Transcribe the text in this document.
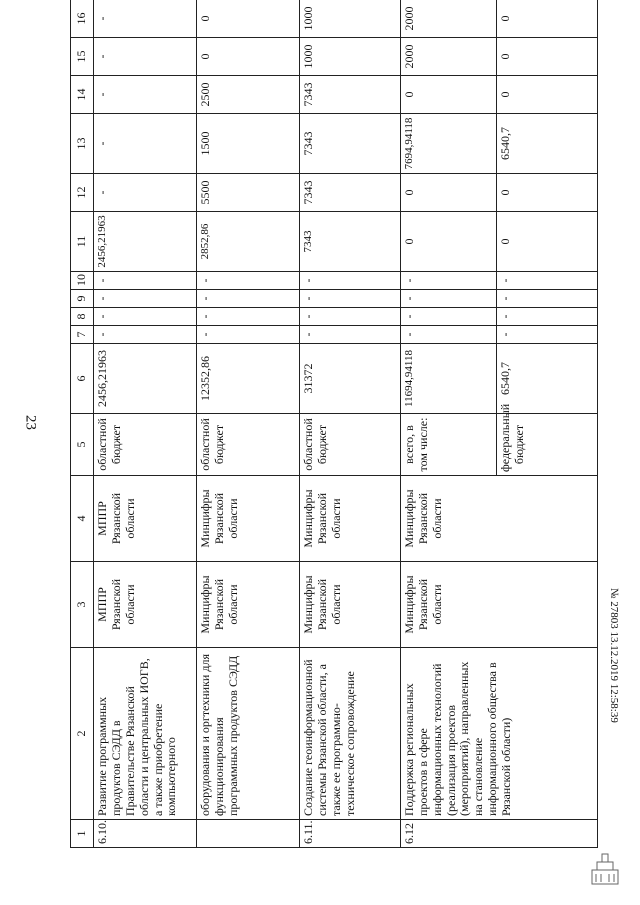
23
1	2	3	4	5	6	7	8	9	10	11	12	13	14	15	16	
6.10.	Развитие программных продуктов СЭДД в Правительстве Рязанской области и центральных ИОГВ, а также приобретение компьютерного	МППР Рязанской области	МППР Рязанской области	областной бюджет	2456,21963	-	-	-	-	2456,21963	-	-	-	-	-	
	оборудования и оргтехники для функционирования программных продуктов СЭДД	Минцифры Рязанской области	Минцифры Рязанской области	областной бюджет	12352,86	-	-	-	-	2852,86	5500	1500	2500	0	0	
6.11.	Создание геоинформационной системы Рязанской области, а также ее программно-техническое сопровождение	Минцифры Рязанской области	Минцифры Рязанской области	областной бюджет	31372	-	-	-	-	7343	7343	7343	7343	1000	1000	
6.12	Поддержка региональных проектов в сфере информационных технологий (реализация проектов (мероприятий), направленных на становление информационного общества в Рязанской области)	Минцифры Рязанской области	Минцифры Рязанской области	всего, в том числе:	11694,94118	-	-	-	-	0	0	7694,94118	0	2000	2000	
				федеральный бюджет	6540,7	-	-	-	-	0	0	6540,7	0	0	0	
№ 27803 13.12.2019 12:58:39
